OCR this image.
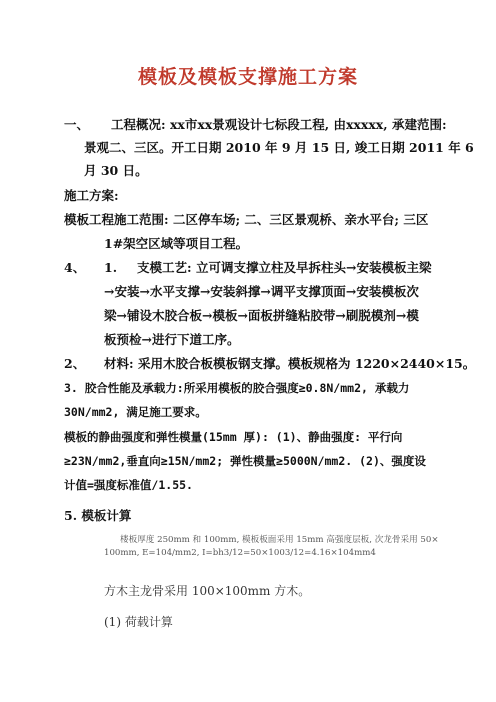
模板及模板支撑施工方案
一、 工程概况: xx市xx景观设计七标段工程, 由xxxxx, 承建范围:
景观二、三区。开工日期 2010 年 9 月 15 日, 竣工日期 2011 年 6
月 30 日。
施工方案:
模板工程施工范围: 二区停车场; 二、三区景观桥、亲水平台; 三区
1#架空区域等项目工程。
4、 1. 支模工艺: 立可调支撑立柱及早拆柱头→安装模板主梁
→安装→水平支撑→安装斜撑→调平支撑顶面→安装模板次
梁→铺设木胶合板→模板→面板拼缝粘胶带→刷脱模剂→模
板预检→进行下道工序。
2、 材料: 采用木胶合板模板钢支撑。模板规格为 1220×2440×15。
3. 胶合性能及承载力:所采用模板的胶合强度≥0.8N/mm2, 承载力
30N/mm2, 满足施工要求。
模板的静曲强度和弹性模量(15mm 厚): (1)、静曲强度: 平行向
≥23N/mm2,垂直向≥15N/mm2; 弹性模量≥5000N/mm2. (2)、强度设
计值=强度标准值/1.55.
5. 模板计算
楼板厚度 250mm 和 100mm, 模板板面采用 15mm 高强度层板, 次龙骨采用 50×
100mm, E=104/mm2, I=bh3/12=50×1003/12=4.16×104mm4
方木主龙骨采用 100×100mm 方木。
(1) 荷载计算
